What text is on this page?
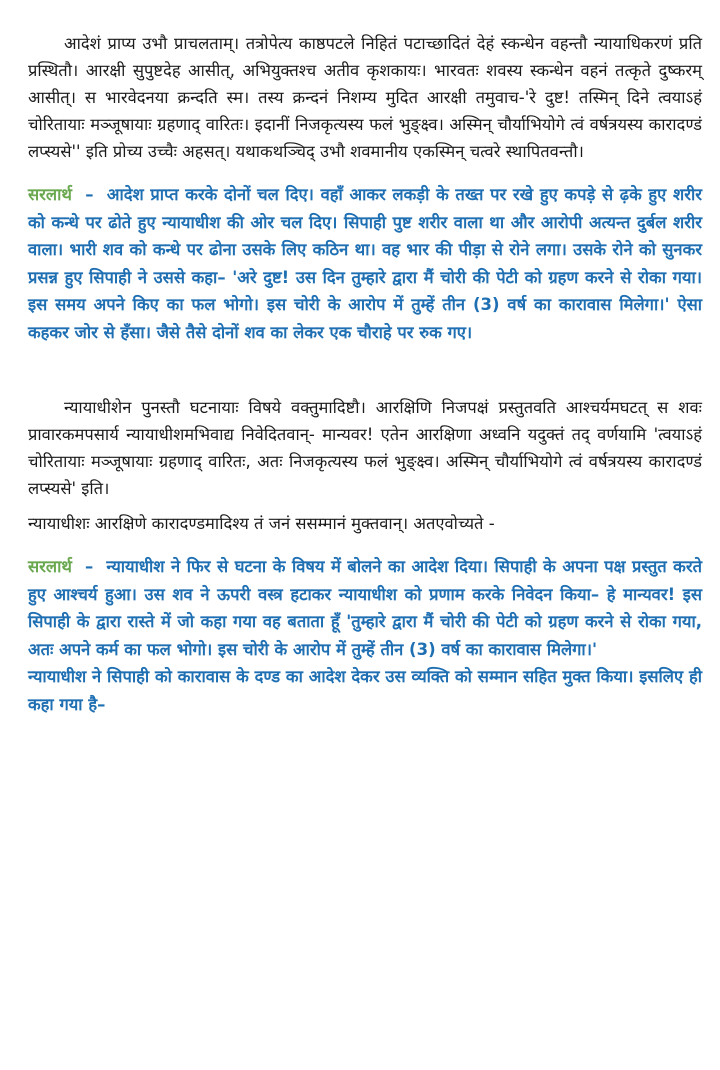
आदेशं प्राप्य उभौ प्राचलताम्। तत्रोपेत्य काष्ठपटले निहितं पटाच्छादितं देहं स्कन्धेन वहन्तौ न्यायाधिकरणं प्रति प्रस्थितौ। आरक्षी सुपुष्टदेह आसीत्, अभियुक्तश्च अतीव कृशकायः। भारवतः शवस्य स्कन्धेन वहनं तत्कृते दुष्करम् आसीत्। स भारवेदनया क्रन्दति स्म। तस्य क्रन्दनं निशम्य मुदित आरक्षी तमुवाच-'रे दुष्ट! तस्मिन् दिने त्वयाऽहं चोरितायाः मञ्जूषायाः ग्रहणाद् वारितः। इदानीं निजकृत्यस्य फलं भुङ्क्ष्व। अस्मिन् चौर्याभियोगे त्वं वर्षत्रयस्य कारादण्डं लप्स्यसे'' इति प्रोच्य उच्चैः अहसत्। यथाकथञ्चिद् उभौ शवमानीय एकस्मिन् चत्वरे स्थापितवन्तौ।

सरलार्थ – आदेश प्राप्त करके दोनों चल दिए। वहाँ आकर लकड़ी के तख्त पर रखे हुए कपड़े से ढ़के हुए शरीर को कन्धे पर ढोते हुए न्यायाधीश की ओर चल दिए। सिपाही पुष्ट शरीर वाला था और आरोपी अत्यन्त दुर्बल शरीर वाला। भारी शव को कन्धे पर ढोना उसके लिए कठिन था। वह भार की पीड़ा से रोने लगा। उसके रोने को सुनकर प्रसन्न हुए सिपाही ने उससे कहा– 'अरे दुष्ट! उस दिन तुम्हारे द्वारा मैं चोरी की पेटी को ग्रहण करने से रोका गया। इस समय अपने किए का फल भोगो। इस चोरी के आरोप में तुम्हें तीन (3) वर्ष का कारावास मिलेगा।' ऐसा कहकर जोर से हँसा। जैसे तैसे दोनों शव का लेकर एक चौराहे पर रुक गए।

न्यायाधीशेन पुनस्तौ घटनायाः विषये वक्तुमादिष्टौ। आरक्षिणि निजपक्षं प्रस्तुतवति आश्चर्यमघटत् स शवः प्रावारकमपसार्य न्यायाधीशमभिवाद्य निवेदितवान्- मान्यवर! एतेन आरक्षिणा अध्वनि यदुक्तं तद् वर्णयामि 'त्वयाऽहं चोरितायाः मञ्जूषायाः ग्रहणाद् वारितः, अतः निजकृत्यस्य फलं भुङ्क्ष्व। अस्मिन् चौर्याभियोगे त्वं वर्षत्रयस्य कारादण्डं लप्स्यसे' इति।

न्यायाधीशः आरक्षिणे कारादण्डमादिश्य तं जनं ससम्मानं मुक्तवान्। अतएवोच्यते -

सरलार्थ – न्यायाधीश ने फिर से घटना के विषय में बोलने का आदेश दिया। सिपाही के अपना पक्ष प्रस्तुत करते हुए आश्चर्य हुआ। उस शव ने ऊपरी वस्त्र हटाकर न्यायाधीश को प्रणाम करके निवेदन किया– हे मान्यवर! इस सिपाही के द्वारा रास्ते में जो कहा गया वह बताता हूँ 'तुम्हारे द्वारा मैं चोरी की पेटी को ग्रहण करने से रोका गया, अतः अपने कर्म का फल भोगो। इस चोरी के आरोप में तुम्हें तीन (3) वर्ष का कारावास मिलेगा।'

न्यायाधीश ने सिपाही को कारावास के दण्ड का आदेश देकर उस व्यक्ति को सम्मान सहित मुक्त किया। इसलिए ही कहा गया है–
